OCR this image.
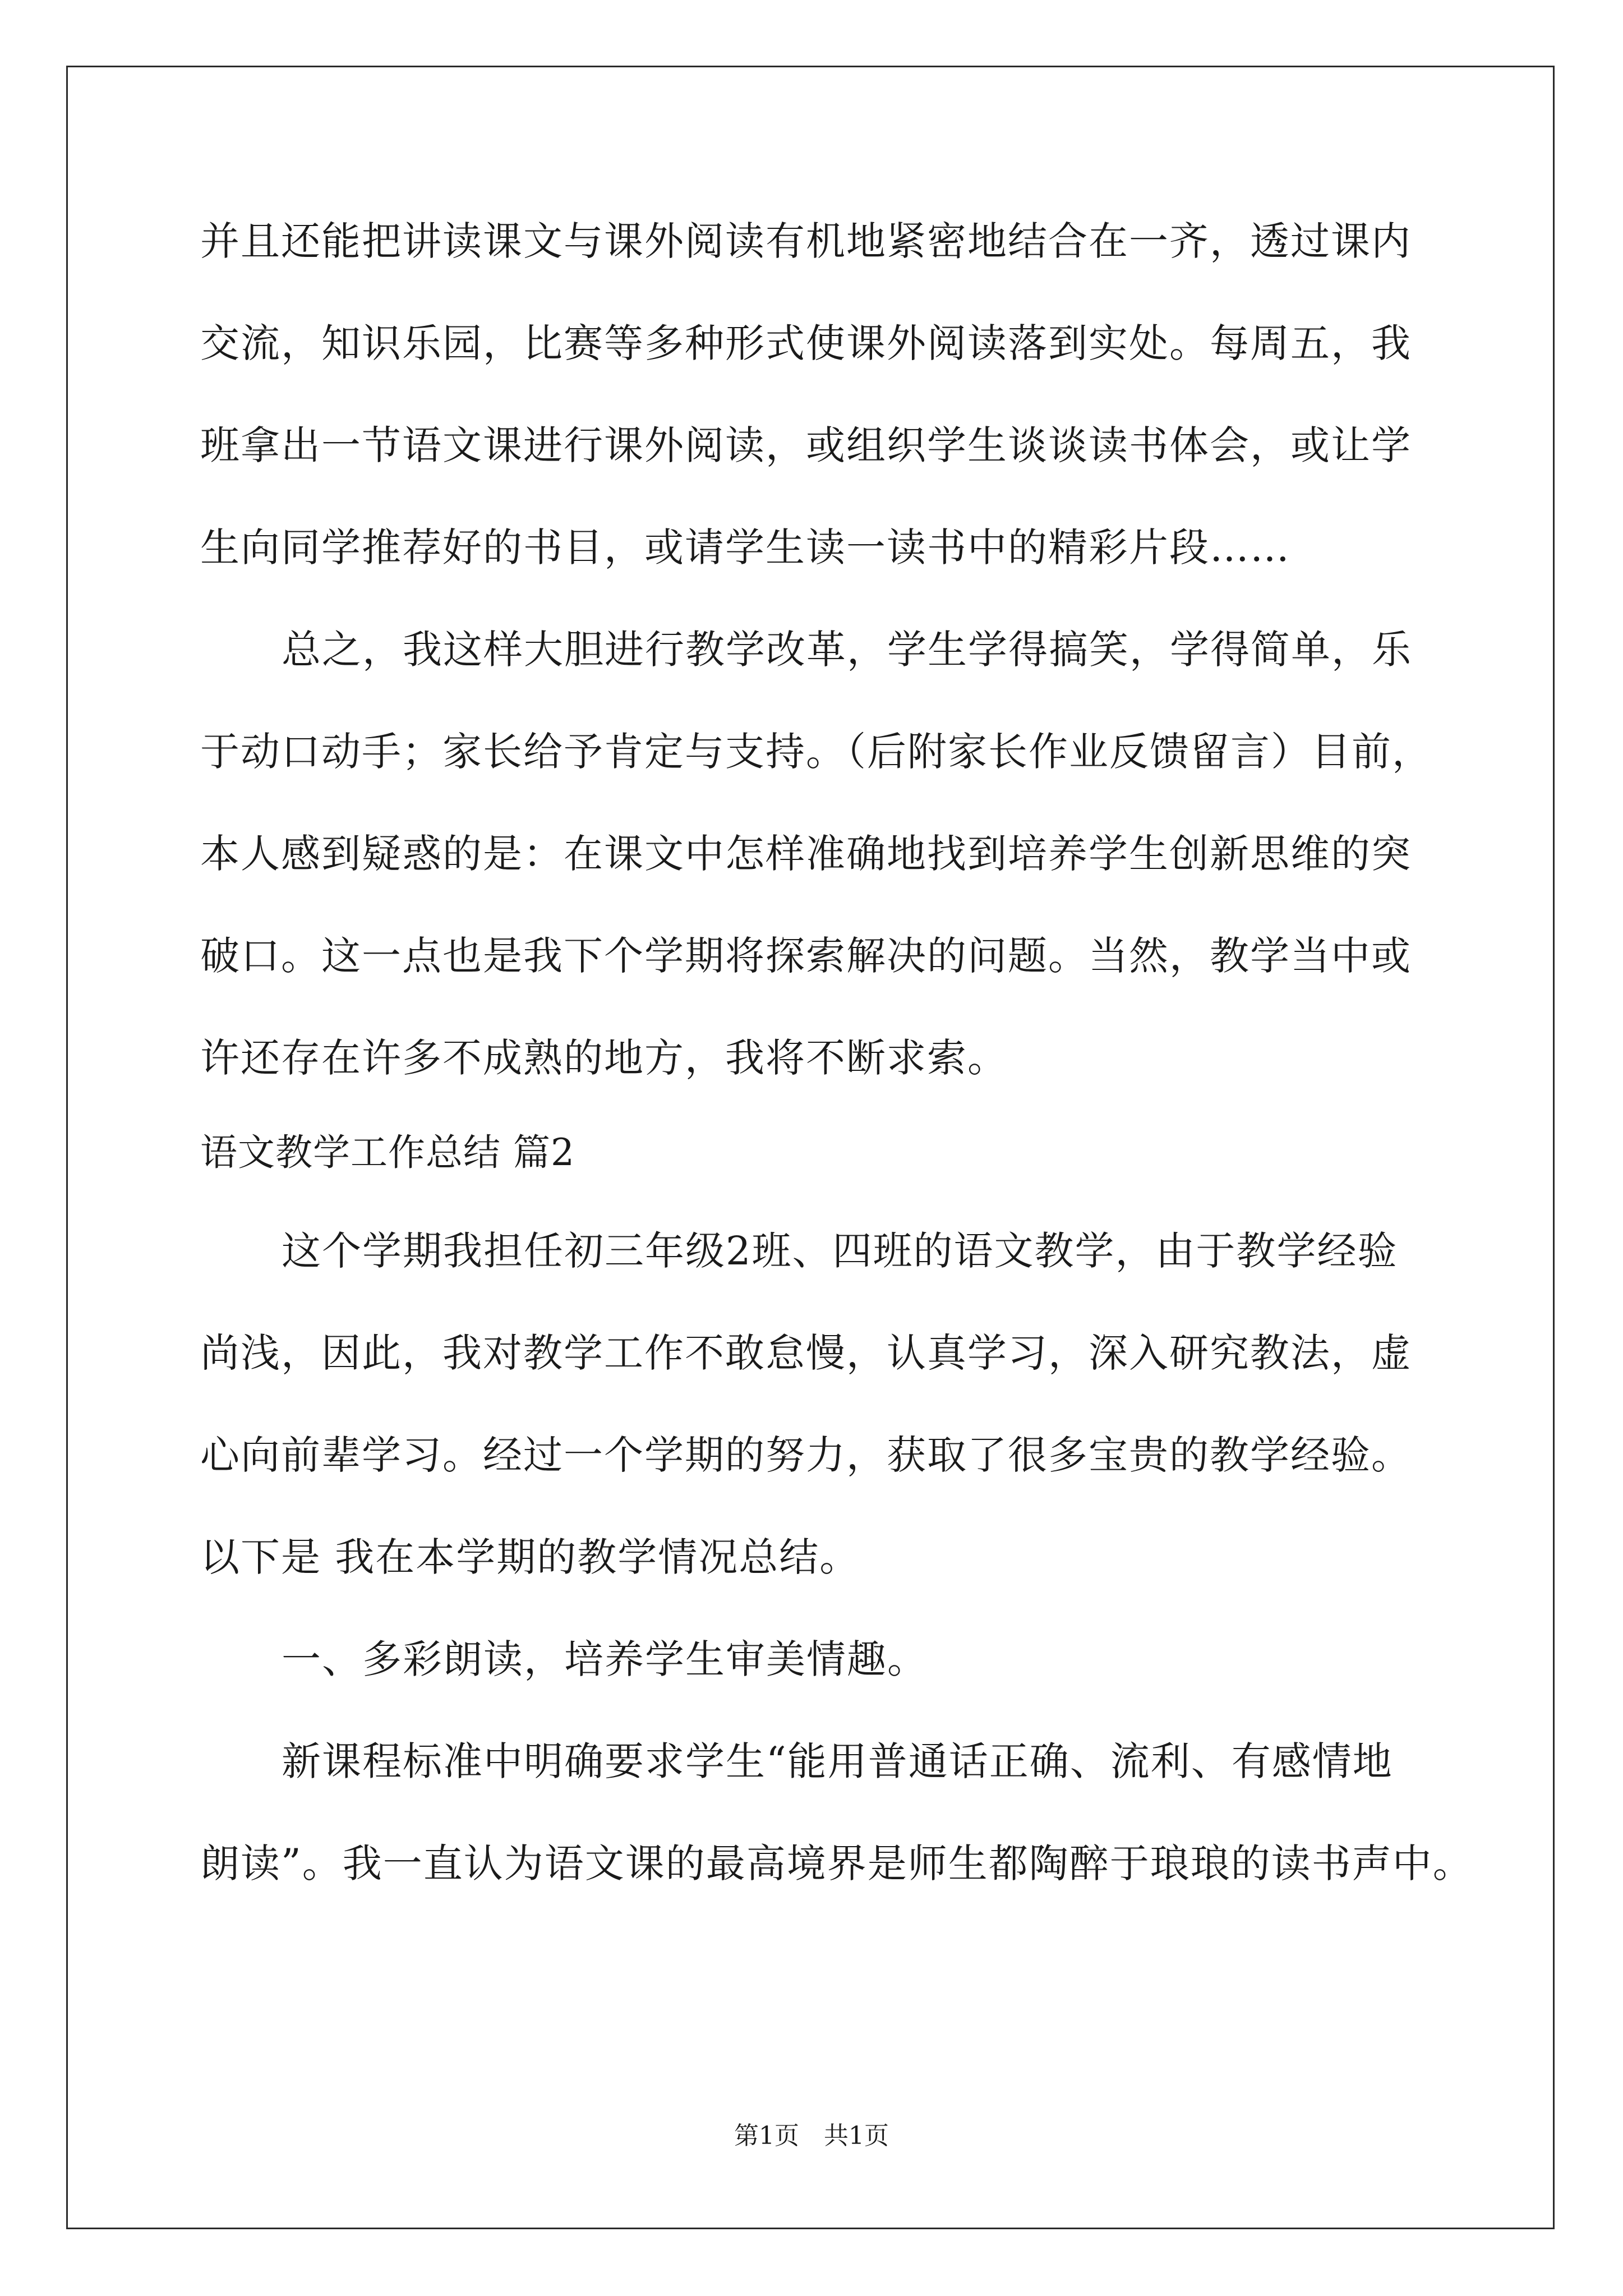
并且还能把讲读课文与课外阅读有机地紧密地结合在一齐，透过课内
交流，知识乐园，比赛等多种形式使课外阅读落到实处。每周五，我
班拿出一节语文课进行课外阅读，或组织学生谈谈读书体会，或让学
生向同学推荐好的书目，或请学生读一读书中的精彩片段……
总之，我这样大胆进行教学改革，学生学得搞笑，学得简单，乐
于动口动手；家长给予肯定与支持。（后附家长作业反馈留言）目前，
本人感到疑惑的是：在课文中怎样准确地找到培养学生创新思维的突
破口。这一点也是我下个学期将探索解决的问题。当然，教学当中或
许还存在许多不成熟的地方，我将不断求索。
语文教学工作总结 篇2
这个学期我担任初三年级2班、四班的语文教学，由于教学经验
尚浅，因此，我对教学工作不敢怠慢，认真学习，深入研究教法，虚
心向前辈学习。经过一个学期的努力，获取了很多宝贵的教学经验。
以下是 我在本学期的教学情况总结。
一、多彩朗读，培养学生审美情趣。
新课程标准中明确要求学生“能用普通话正确、流利、有感情地
朗读”。我一直认为语文课的最高境界是师生都陶醉于琅琅的读书声中。
第1页　共1页
